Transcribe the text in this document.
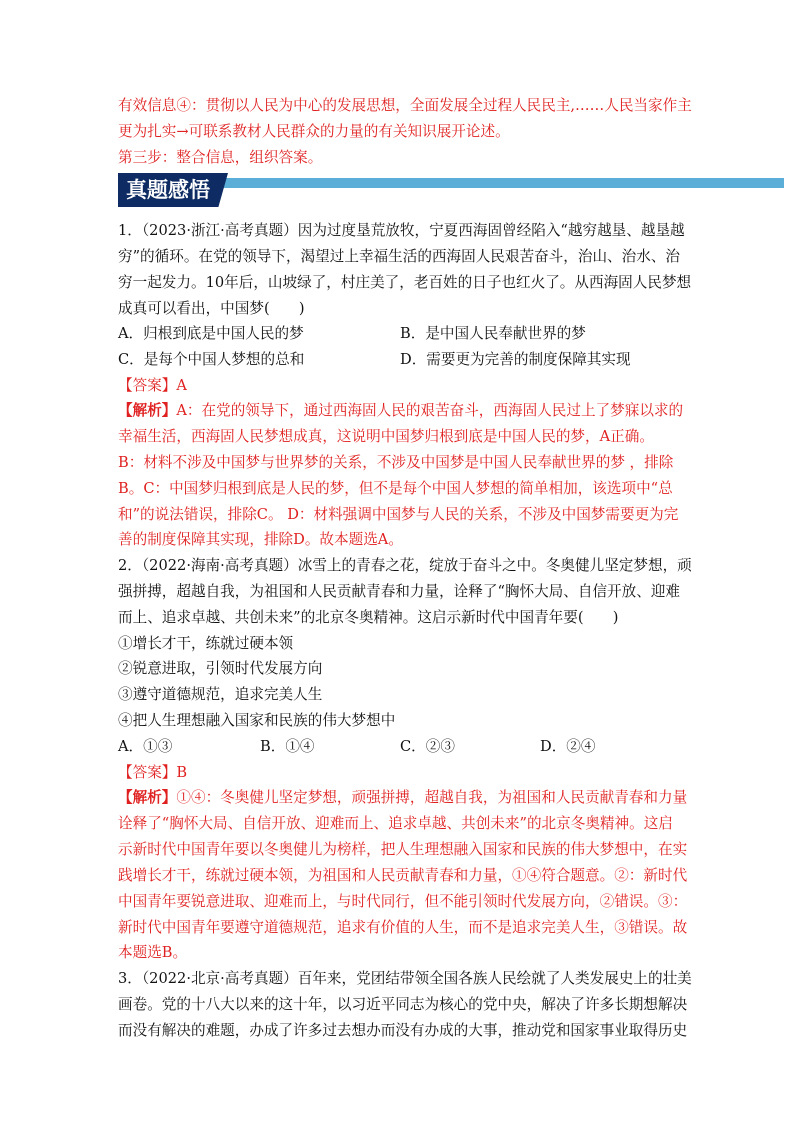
有效信息④：贯彻以人民为中心的发展思想，全面发展全过程人民民主,……人民当家作主
更为扎实→可联系教材人民群众的力量的有关知识展开论述。
第三步：整合信息，组织答案。
真题感悟
1．（2023·浙江·高考真题）因为过度垦荒放牧，宁夏西海固曾经陷入“越穷越垦、越垦越
穷”的循环。在党的领导下，渴望过上幸福生活的西海固人民艰苦奋斗，治山、治水、治
穷一起发力。10年后，山坡绿了，村庄美了，老百姓的日子也红火了。从西海固人民梦想
成真可以看出，中国梦(　　)
A．归根到底是中国人民的梦	B．是中国人民奉献世界的梦
C．是每个中国人梦想的总和	D．需要更为完善的制度保障其实现
【答案】A
【解析】A：在党的领导下，通过西海固人民的艰苦奋斗，西海固人民过上了梦寐以求的
幸福生活，西海固人民梦想成真，这说明中国梦归根到底是中国人民的梦，A正确。
B：材料不涉及中国梦与世界梦的关系，不涉及中国梦是中国人民奉献世界的梦 ，排除
B。C：中国梦归根到底是人民的梦，但不是每个中国人梦想的简单相加，该选项中“总
和”的说法错误，排除C。 D：材料强调中国梦与人民的关系，不涉及中国梦需要更为完
善的制度保障其实现，排除D。故本题选A。
2．（2022·海南·高考真题）冰雪上的青春之花，绽放于奋斗之中。冬奥健儿坚定梦想，顽
强拼搏，超越自我，为祖国和人民贡献青春和力量，诠释了“胸怀大局、自信开放、迎难
而上、追求卓越、共创未来”的北京冬奥精神。这启示新时代中国青年要(　　)
①增长才干，练就过硬本领
②锐意进取，引领时代发展方向
③遵守道德规范，追求完美人生
④把人生理想融入国家和民族的伟大梦想中
A．①③	B．①④	C．②③	D．②④
【答案】B
【解析】①④：冬奥健儿坚定梦想，顽强拼搏，超越自我，为祖国和人民贡献青春和力量
诠释了“胸怀大局、自信开放、迎难而上、追求卓越、共创未来”的北京冬奥精神。这启
示新时代中国青年要以冬奥健儿为榜样，把人生理想融入国家和民族的伟大梦想中，在实
践增长才干，练就过硬本领，为祖国和人民贡献青春和力量，①④符合题意。②：新时代
中国青年要锐意进取、迎难而上，与时代同行，但不能引领时代发展方向，②错误。③：
新时代中国青年要遵守道德规范，追求有价值的人生，而不是追求完美人生，③错误。故
本题选B。
3．（2022·北京·高考真题）百年来，党团结带领全国各族人民绘就了人类发展史上的壮美
画卷。党的十八大以来的这十年，以习近平同志为核心的党中央，解决了许多长期想解决
而没有解决的难题，办成了许多过去想办而没有办成的大事，推动党和国家事业取得历史
